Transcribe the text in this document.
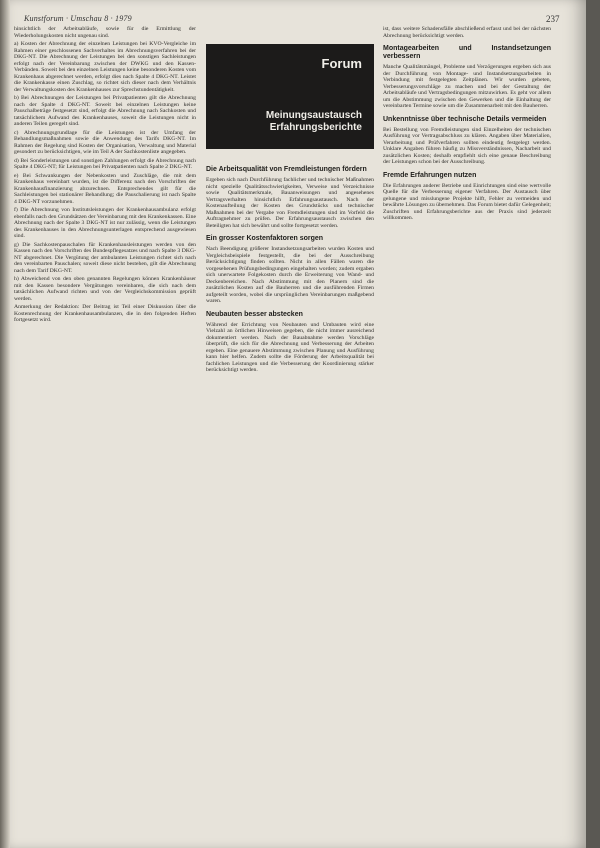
Kunstforum · Umschau 8 · 1979	237

hinsichtlich der Arbeitsabläufe, sowie für die Ermittlung der Wiederholungskosten nicht ungenau sind.

a) Kosten der Abrechnung der einzelnen Leistungen bei KVO-Vergleiche im Rahmen einer geschlossenen Sachverhaltes im Abrechnungsverfahren bei der DKG-NT. Die Abrechnung der Leistungen bei den sonstigen Sachleistungen erfolgt nach der Vereinbarung zwischen der DWKG und den Kassen-Verbänden. Soweit bei den einzelnen Leistungen keine besonderen Kosten vom Krankenhaus abgerechnet werden, erfolgt dies nach Spalte 4 DKG-NT. Leistet die Krankenkasse einen Zuschlag, so richtet sich dieser nach dem Verhältnis der Verwaltungskosten des Krankenhauses zur Sprechstundentätigkeit.

b) Bei Abrechnungen der Leistungen bei Privatpatienten gilt die Abrechnung nach der Spalte 4 DKG-NT. Soweit bei einzelnen Leistungen keine Pauschalbeträge festgesetzt sind, erfolgt die Abrechnung nach Sachkosten und tatsächlichem Aufwand des Krankenhauses, soweit die Leistungen nicht in anderen Teilen geregelt sind.

c) Abrechnungsgrundlage für die Leistungen ist der Umfang der Behandlungsmaßnahmen sowie die Anwendung des Tarifs DKG-NT. Im Rahmen der Regelung sind Kosten der Organisation, Verwaltung und Material gesondert zu berücksichtigen, wie im Teil A der Sachkostenliste angegeben.

d) Bei Sonderleistungen und sonstigen Zahlungen erfolgt die Abrechnung nach Spalte 4 DKG-NT; für Leistungen bei Privatpatienten nach Spalte 2 DKG-NT.

e) Bei Schwankungen der Nebenkosten und Zuschläge, die mit dem Krankenhaus vereinbart wurden, ist die Differenz nach den Vorschriften der Krankenhausfinanzierung abzurechnen. Entsprechendes gilt für die Sachleistungen bei stationärer Behandlung; die Pauschalierung ist nach Spalte 4 DKG-NT vorzunehmen.

f) Die Abrechnung von Institutsleistungen der Krankenhausambulanz erfolgt ebenfalls nach den Grundsätzen der Vereinbarung mit den Krankenkassen. Eine Abrechnung nach der Spalte 3 DKG-NT ist nur zulässig, wenn die Leistungen des Krankenhauses in den Abrechnungsunterlagen entsprechend ausgewiesen sind.

g) Die Sachkostenpauschalen für Krankenhausleistungen werden von den Kassen nach den Vorschriften des Bundespflegesatzes und nach Spalte 3 DKG-NT abgerechnet. Die Vergütung der ambulanten Leistungen richtet sich nach den vereinbarten Pauschalen; soweit diese nicht bestehen, gilt die Abrechnung nach dem Tarif DKG-NT.

h) Abweichend von den oben genannten Regelungen können Krankenhäuser mit den Kassen besondere Vergütungen vereinbaren, die sich nach dem tatsächlichen Aufwand richten und von der Vergleichskommission geprüft werden.

Anmerkung der Redaktion: Der Beitrag ist Teil einer Diskussion über die Kostenrechnung der Krankenhausambulanzen, die in den folgenden Heften fortgesetzt wird.

Forum
Meinungsaustausch
Erfahrungsberichte
Die Arbeitsqualität von Fremdleistungen fördern

Ergeben sich nach Durchführung fachlicher und technischer Maßnahmen nicht spezielle Qualitätsschwierigkeiten, Verweise und Verzeichnisse sowie Qualitätsmerkmale, Bauanweisungen und angesehenes Vertragsverhalten hinsichtlich Erfahrungsaustausch. Nach der Kostenaufteilung der Kosten des Grundstücks und technischer Maßnahmen bei der Vergabe von Fremdleistungen sind im Vorfeld die Auftragnehmer zu prüfen. Der Erfahrungsaustausch zwischen den Beteiligten hat sich bewährt und sollte fortgesetzt werden.

Ein grosser Kostenfaktoren sorgen

Nach Beendigung größerer Instandsetzungsarbeiten wurden Kosten und Vergleichsbeispiele festgestellt, die bei der Ausschreibung Berücksichtigung finden sollten. Nicht in allen Fällen waren die vorgesehenen Prüfungsbedingungen eingehalten worden; zudem ergaben sich unerwartete Folgekosten durch die Erweiterung von Wand- und Deckenbereichen. Nach Abstimmung mit den Planern sind die zusätzlichen Kosten auf die Bauherren und die ausführenden Firmen aufgeteilt worden, wobei die ursprünglichen Vereinbarungen maßgebend waren.

Neubauten besser abstecken

Während der Errichtung von Neubauten und Umbauten wird eine Vielzahl an örtlichen Hinweisen gegeben, die nicht immer ausreichend dokumentiert werden. Nach der Bauabnahme werden Vorschläge überprüft, die sich für die Abrechnung und Verbesserung der Arbeiten ergeben. Eine genauere Abstimmung zwischen Planung und Ausführung kann hier helfen. Zudem sollte die Förderung der Arbeitsqualität bei fachlichen Leistungen und die Verbesserung der Koordinierung stärker berücksichtigt werden.

ist, dass weitere Schadensfälle abschließend erfasst und bei der nächsten Abrechnung berücksichtigt werden.

Montagearbeiten und Instandsetzungen verbessern

Manche Qualitätsmängel, Probleme und Verzögerungen ergeben sich aus der Durchführung von Montage- und Instandsetzungsarbeiten in Verbindung mit festgelegten Zeitplänen. Wir wurden gebeten, Verbesserungsvorschläge zu machen und bei der Gestaltung der Arbeitsabläufe und Vertragsbedingungen mitzuwirken. Es geht vor allem um die Abstimmung zwischen den Gewerken und die Einhaltung der vereinbarten Termine sowie um die Zusammenarbeit mit den Bauherren.

Unkenntnisse über technische Details vermeiden

Bei Bestellung von Fremdleistungen sind Einzelheiten der technischen Ausführung vor Vertragsabschluss zu klären. Angaben über Materialien, Verarbeitung und Prüfverfahren sollten eindeutig festgelegt werden. Unklare Angaben führen häufig zu Missverständnissen, Nacharbeit und zusätzlichen Kosten; deshalb empfiehlt sich eine genaue Beschreibung der Leistungen schon bei der Ausschreibung.

Fremde Erfahrungen nutzen

Die Erfahrungen anderer Betriebe und Einrichtungen sind eine wertvolle Quelle für die Verbesserung eigener Verfahren. Der Austausch über gelungene und misslungene Projekte hilft, Fehler zu vermeiden und bewährte Lösungen zu übernehmen. Das Forum bietet dafür Gelegenheit; Zuschriften und Erfahrungsberichte aus der Praxis sind jederzeit willkommen.
